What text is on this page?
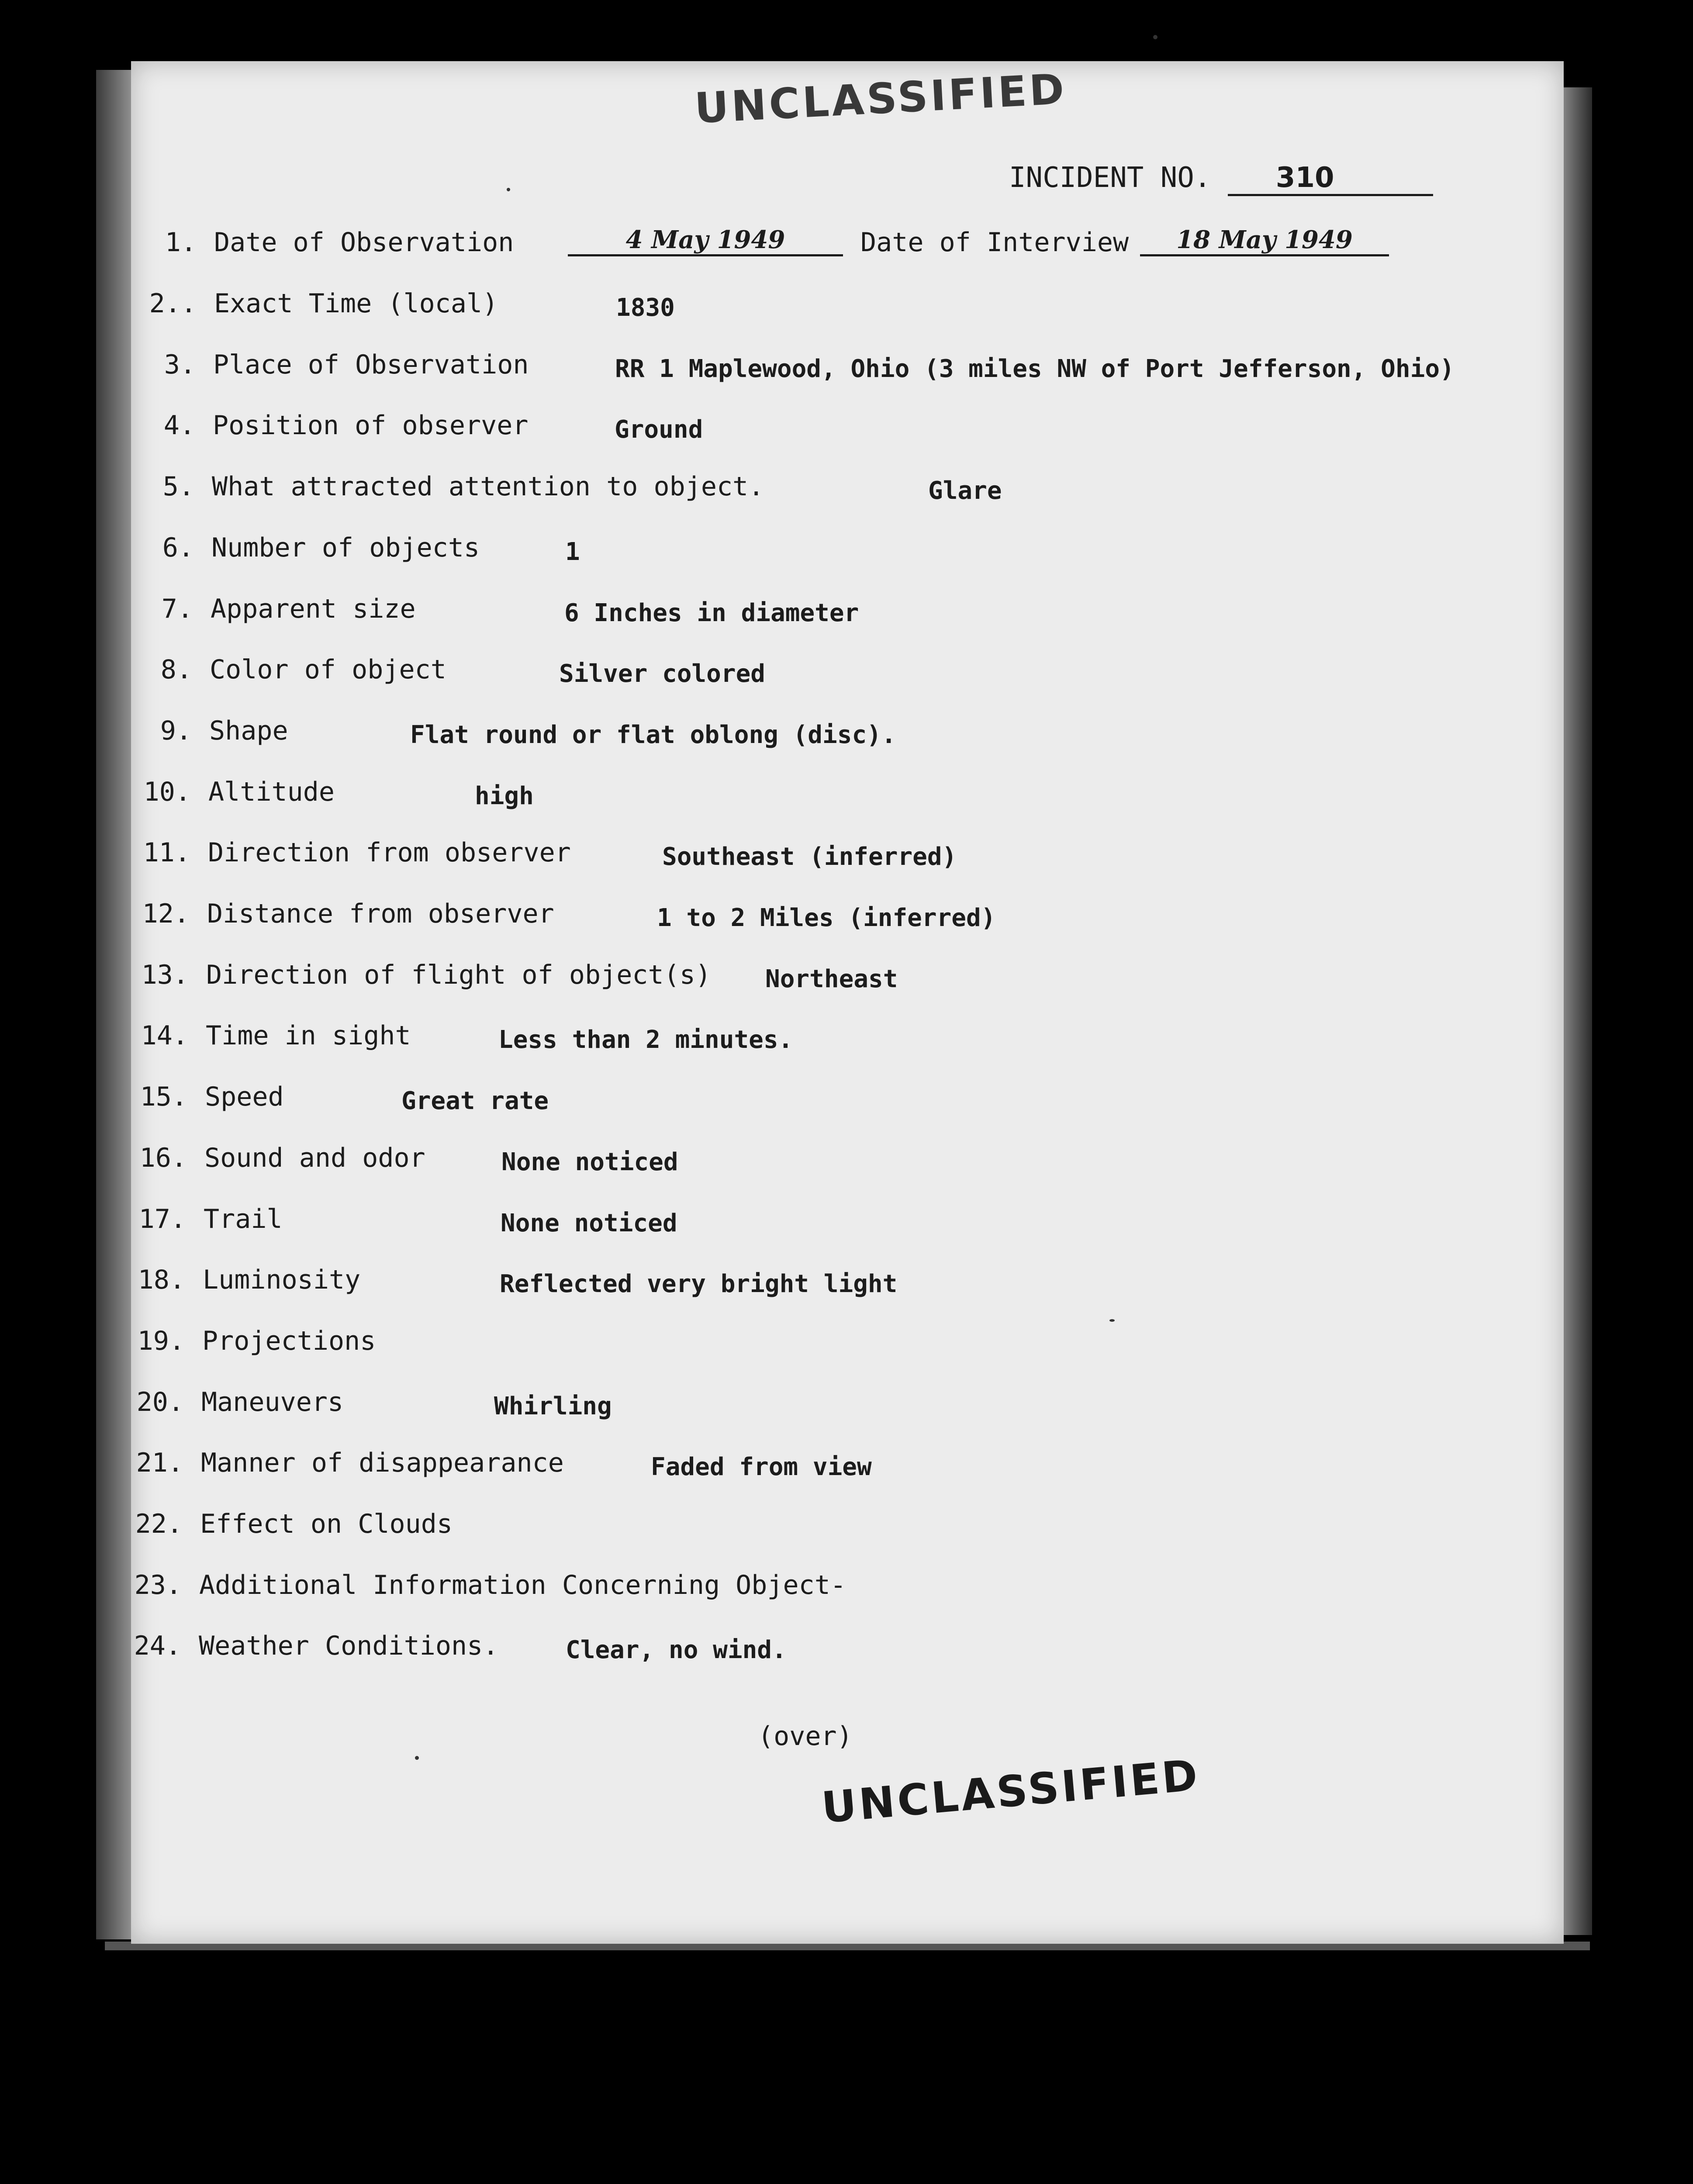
UNCLASSIFIED
INCIDENT NO. 310
1. Date of Observation	4 May 1949	Date of Interview	18 May 1949
2.. Exact Time (local)	1830
3. Place of Observation	RR 1 Maplewood, Ohio (3 miles NW of Port Jefferson, Ohio)
4. Position of observer	Ground
5. What attracted attention to object.	Glare
6. Number of objects	1
7. Apparent size	6 Inches in diameter
8. Color of object	Silver colored
9. Shape	Flat round or flat oblong (disc).
10. Altitude	high
11. Direction from observer	Southeast (inferred)
12. Distance from observer	1 to 2 Miles (inferred)
13. Direction of flight of object(s) Northeast
14. Time in sight	Less than 2 minutes.
15. Speed	Great rate
16. Sound and odor	None noticed
17. Trail	None noticed
18. Luminosity	Reflected very bright light
19. Projections
20. Maneuvers	Whirling
21. Manner of disappearance	Faded from view
22. Effect on Clouds
23. Additional Information Concerning Object-
24. Weather Conditions.	Clear, no wind.
(over)
UNCLASSIFIED
